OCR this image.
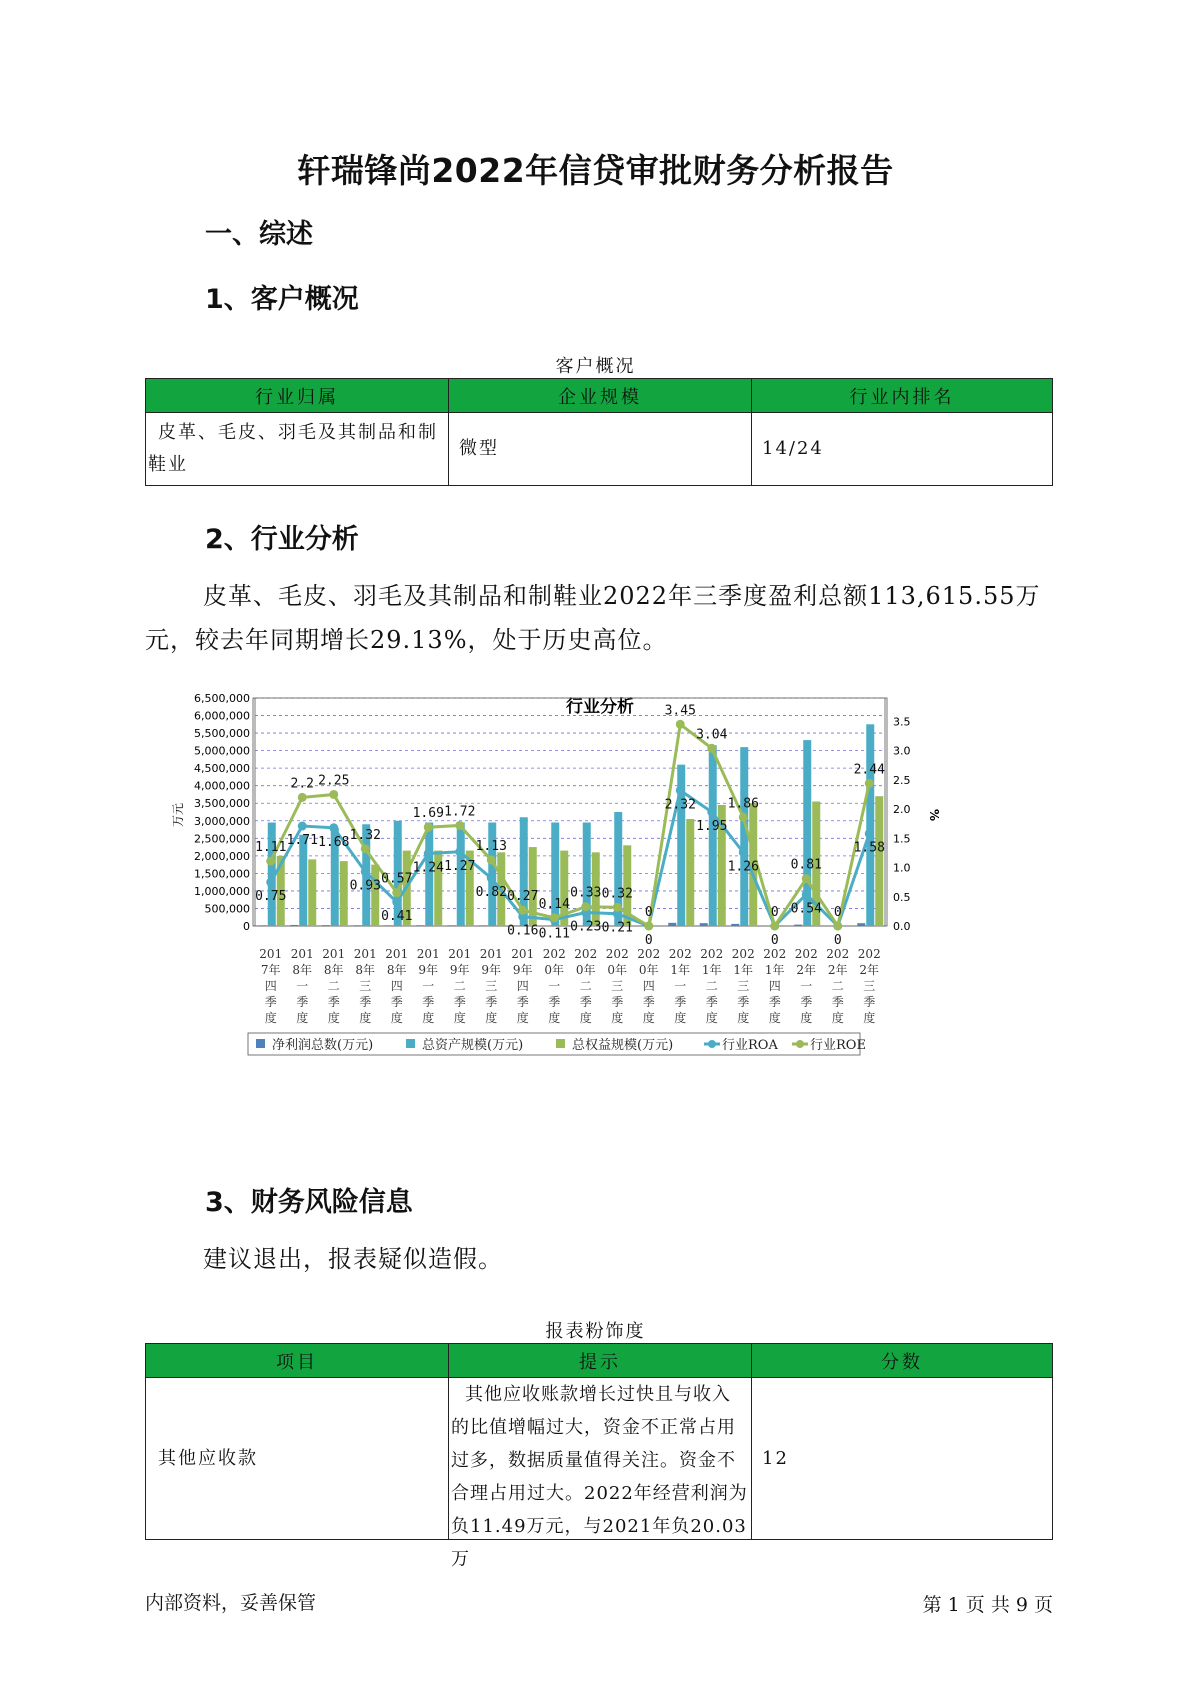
轩瑞锋尚2022年信贷审批财务分析报告
一、综述
1、客户概况
客户概况
行业归属	企业规模	行业内排名
皮革、毛皮、羽毛及其制品和制鞋业	微型	14/24
2、行业分析
皮革、毛皮、羽毛及其制品和制鞋业2022年三季度盈利总额113,615.55万元，较去年同期增长29.13%，处于历史高位。
行业分析
6,500,000
6,000,000
5,500,000
5,000,000
4,500,000
4,000,000
3,500,000
3,000,000
2,500,000
2,000,000
1,500,000
1,000,000
500,000
0
3.5
3.0
2.5
2.0
1.5
1.0
0.5
0.0
万元	%
201
7年
四
季
度
201
8年
一
季
度
201
8年
二
季
度
201
8年
三
季
度
201
8年
四
季
度
201
9年
一
季
度
201
9年
二
季
度
201
9年
三
季
度
201
9年
四
季
度
202
0年
一
季
度
202
0年
二
季
度
202
0年
三
季
度
202
0年
四
季
度
202
1年
一
季
度
202
1年
二
季
度
202
1年
三
季
度
202
1年
四
季
度
202
2年
一
季
度
202
2年
二
季
度
202
2年
三
季
度
0.75
1.71 1.68
0.93
0.41
1.24 1.27
0.82
0.16 0.11 0.23 0.21
0
2.32
1.95
1.26
0
0.54
0
1.58
1.11
2.2 2.25
1.32
0.57
1.69 1.72
1.13
0.27
0.14
0.33 0.32
0
3.45
3.04
1.86
0
0.81
0
2.44
净利润总数(万元)	总资产规模(万元)	总权益规模(万元)	行业ROA 行业ROE
3、财务风险信息
建议退出，报表疑似造假。
报表粉饰度
项目	提示	分数
其他应收款	其他应收账款增长过快且与收入的比值增幅过大，资金不正常占用过多，数据质量值得关注。资金不合理占用过大。2022年经营利润为负11.49万元，与2021年负20.03万	12
内部资料，妥善保管	第 1 页 共 9 页
